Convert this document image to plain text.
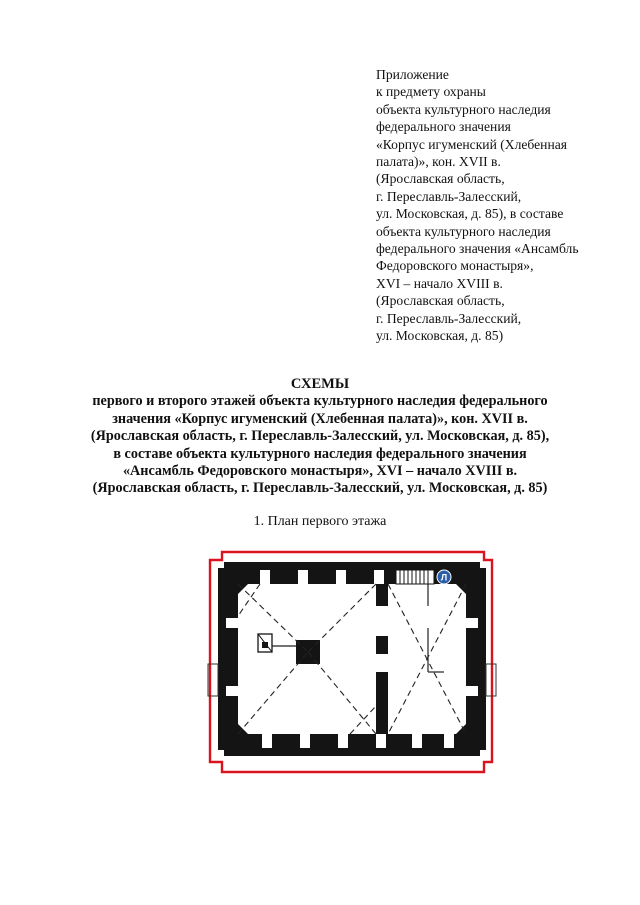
Приложение
к предмету охраны
объекта культурного наследия
федерального значения
«Корпус игуменский (Хлебенная
палата)», кон. XVII в.
(Ярославская область,
г. Переславль-Залесский,
ул. Московская, д. 85), в составе
объекта культурного наследия
федерального значения «Ансамбль
Федоровского монастыря»,
XVI – начало XVIII в.
(Ярославская область,
г. Переславль-Залесский,
ул. Московская, д. 85)
СХЕМЫ
первого и второго этажей объекта культурного наследия федерального
значения «Корпус игуменский (Хлебенная палата)», кон. XVII в.
(Ярославская область, г. Переславль-Залесский, ул. Московская, д. 85),
в составе объекта культурного наследия федерального значения
«Ансамбль Федоровского монастыря», XVI – начало XVIII в.
(Ярославская область, г. Переславль-Залесский, ул. Московская, д. 85)
1. План первого этажа
Л
